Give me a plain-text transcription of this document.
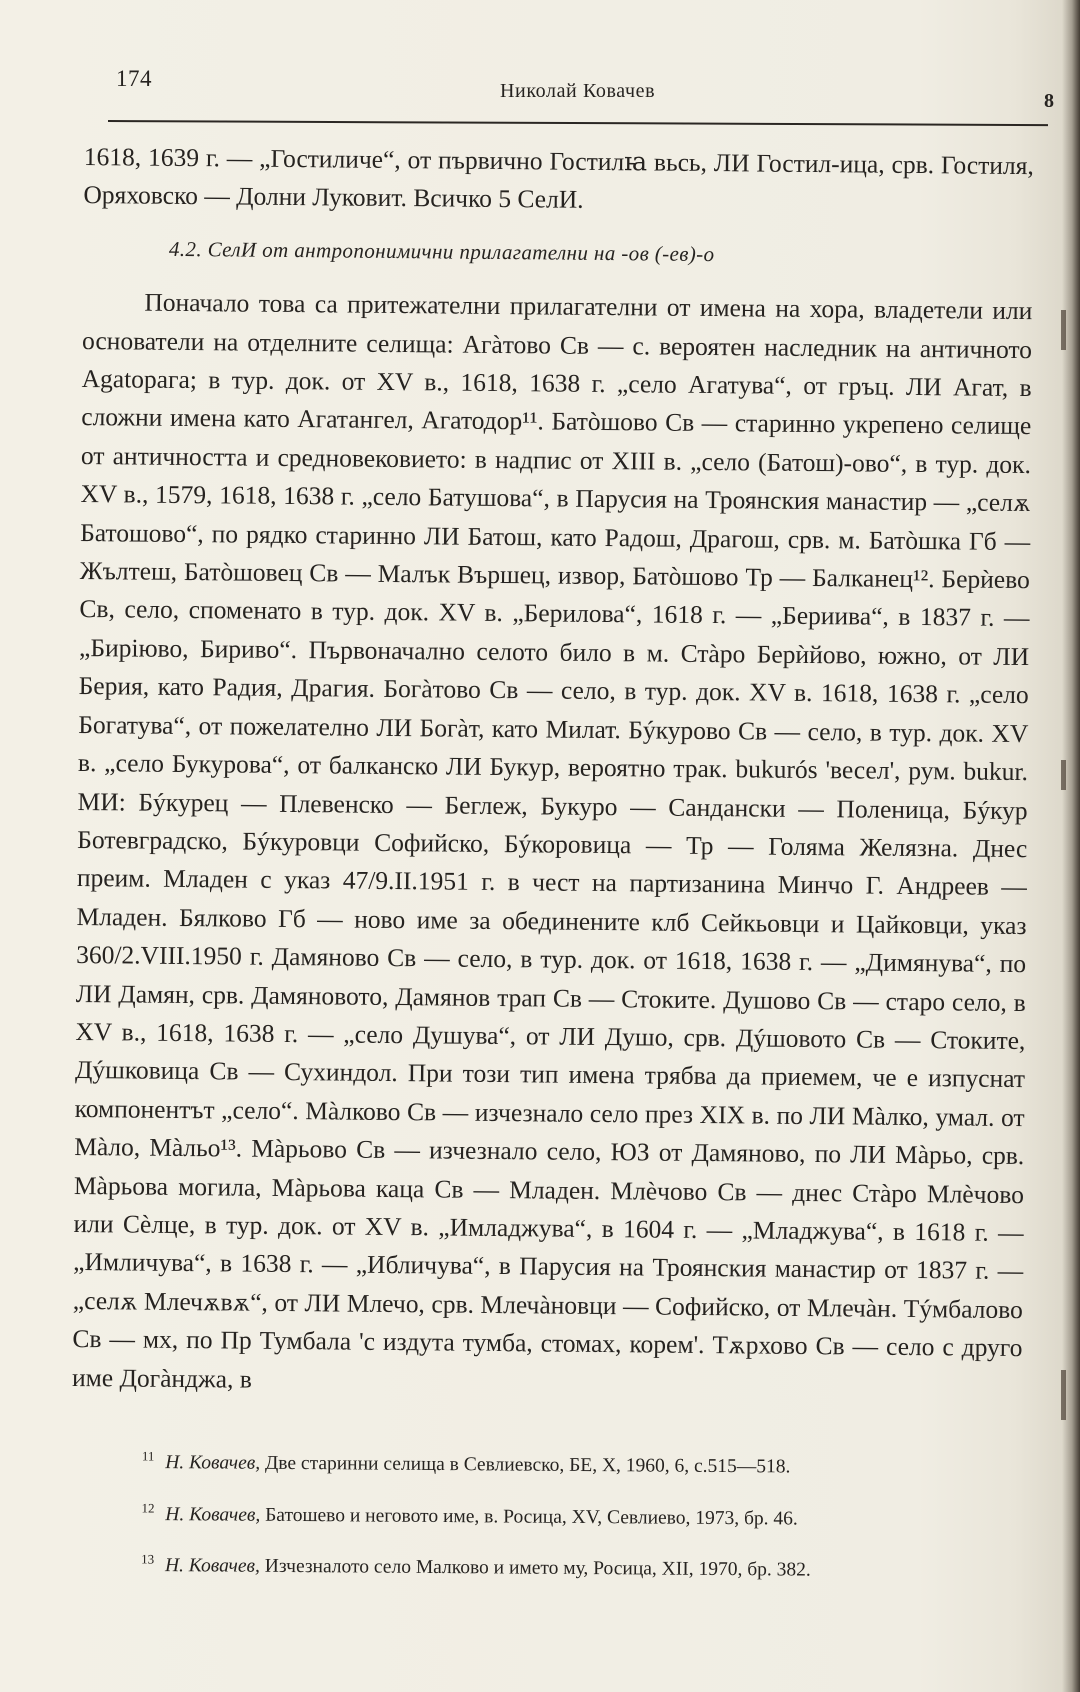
174	Николай Ковачев	8

1618, 1639 г. — „Гостиличе“, от първично Гостилꙗ вьсь, ЛИ Гостил-ица, срв. Гостиля, Оряховско — Долни Луковит. Всичко 5 СелИ.

4.2. СелИ от антропонимични прилагателни на -ов (-ев)-о

Поначало това са притежателни прилагателни от имена на хора, владетели или основатели на отделните селища: Агàтово Св — с. вероятен наследник на античното Agatорага; в тур. док. от XV в., 1618, 1638 г. „село Агатува“, от гръц. ЛИ Агат, в сложни имена като Агатангел, Агатодор¹¹. Батòшово Св — старинно укрепено селище от античността и средновековието: в надпис от XIII в. „село (Батош)-ово“, в тур. док. XV в., 1579, 1618, 1638 г. „село Батушова“, в Парусия на Троянския манастир — „селѫ Батошово“, по рядко старинно ЛИ Батош, като Радош, Драгош, срв. м. Батòшка Гб — Жълтеш, Батòшовец Св — Малък Вършец, извор, Батòшово Тр — Балканец¹². Берѝево Св, село, споменато в тур. док. XV в. „Берилова“, 1618 г. — „Бериива“, в 1837 г. — „Бирiюво, Бириво“. Първоначално селото било в м. Стàро Берѝйово, южно, от ЛИ Берия, като Радия, Драгия. Богàтово Св — село, в тур. док. XV в. 1618, 1638 г. „село Богатува“, от пожелателно ЛИ Богàт, като Милат. Бýкурово Св — село, в тур. док. XV в. „село Букурова“, от балканско ЛИ Букур, вероятно трак. bukurós 'весел', рум. bukur. МИ: Бýкурец — Плевенско — Беглеж, Букуро — Сандански — Поленица, Бýкур Ботевградско, Бýкуровци Софийско, Бýкоровица — Тр — Голяма Желязна. Днес преим. Младен с указ 47/9.II.1951 г. в чест на партизанина Минчо Г. Андреев — Младен. Бялково Гб — ново име за обединените клб Сейкьовци и Цайковци, указ 360/2.VIII.1950 г. Дамяново Св — село, в тур. док. от 1618, 1638 г. — „Димянува“, по ЛИ Дамян, срв. Дамяновото, Дамянов трап Св — Стоките. Душово Св — старо село, в XV в., 1618, 1638 г. — „село Душува“, от ЛИ Душо, срв. Дýшовото Св — Стоките, Дýшковица Св — Сухиндол. При този тип имена трябва да приемем, че е изпуснат компонентът „село“. Мàлково Св — изчезнало село през XIX в. по ЛИ Мàлко, умал. от Мàло, Мàльо¹³. Мàрьово Св — изчезнало село, ЮЗ от Дамяново, по ЛИ Мàрьо, срв. Мàрьова могила, Мàрьова каца Св — Младен. Млѐчово Св — днес Стàро Млѐчово или Сѐлце, в тур. док. от XV в. „Имладжува“, в 1604 г. — „Младжува“, в 1618 г. — „Имличува“, в 1638 г. — „Ибличува“, в Парусия на Троянския манастир от 1837 г. — „селѫ Млечѫвѫ“, от ЛИ Млечо, срв. Млечàновци — Софийско, от Млечàн. Тýмбалово Св — мх, по Пр Тумбала 'с издута тумба, стомах, корем'. Тѫрхово Св — село с друго име Догàнджа, в

$^{11}$ Н. Ковачев, Две старинни селища в Севлиевско, БЕ, X, 1960, 6, с.515—518.

$^{12}$ Н. Ковачев, Батошево и неговото име, в. Росица, XV, Севлиево, 1973, бр. 46.

$^{13}$ Н. Ковачев, Изчезналото село Малково и името му, Росица, XII, 1970, бр. 382.
